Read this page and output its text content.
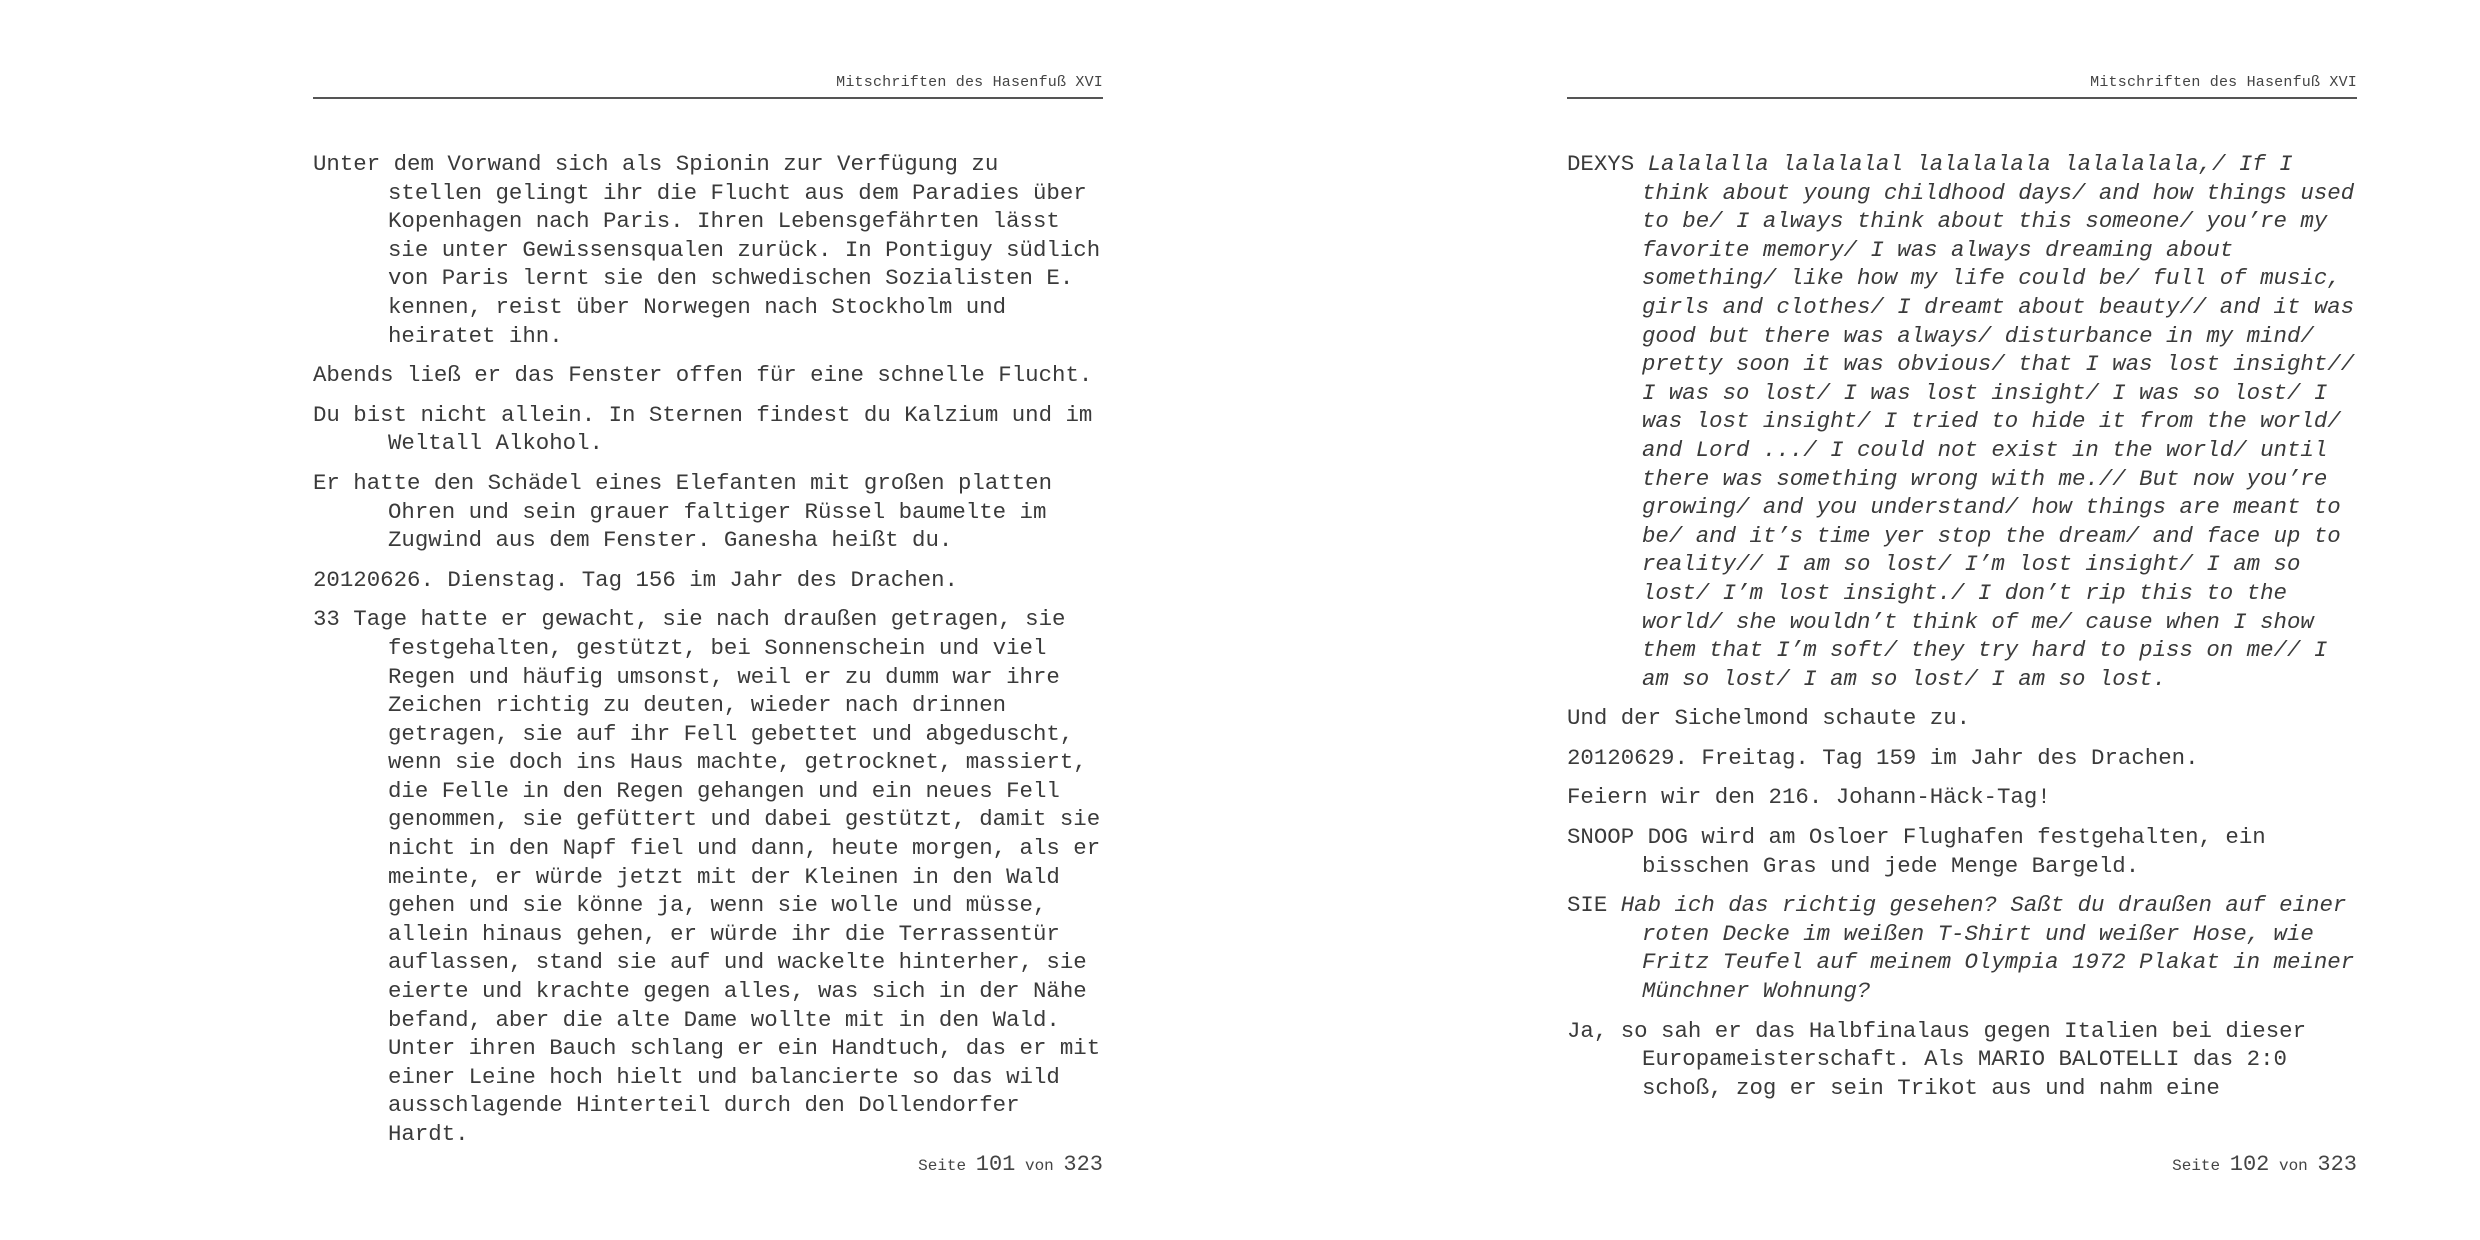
Mitschriften des Hasenfuß XVI

Unter dem Vorwand sich als Spionin zur Verfügung zu stellen gelingt ihr die Flucht aus dem Paradies über Kopenhagen nach Paris. Ihren Lebensgefährten lässt sie unter Gewissensqualen zurück. In Pontiguy südlich von Paris lernt sie den schwedischen Sozialisten E. kennen, reist über Norwegen nach Stockholm und heiratet ihn.

Abends ließ er das Fenster offen für eine schnelle Flucht.

Du bist nicht allein. In Sternen findest du Kalzium und im Weltall Alkohol.

Er hatte den Schädel eines Elefanten mit großen platten Ohren und sein grauer faltiger Rüssel baumelte im Zugwind aus dem Fenster. Ganesha heißt du.

20120626. Dienstag. Tag 156 im Jahr des Drachen.

33 Tage hatte er gewacht, sie nach draußen getragen, sie festgehalten, gestützt, bei Sonnenschein und viel Regen und häufig umsonst, weil er zu dumm war ihre Zeichen richtig zu deuten, wieder nach drinnen getragen, sie auf ihr Fell gebettet und abgeduscht, wenn sie doch ins Haus machte, getrocknet, massiert, die Felle in den Regen gehangen und ein neues Fell genommen, sie gefüttert und dabei gestützt, damit sie nicht in den Napf fiel und dann, heute morgen, als er meinte, er würde jetzt mit der Kleinen in den Wald gehen und sie könne ja, wenn sie wolle und müsse, allein hinaus gehen, er würde ihr die Terrassentür auflassen, stand sie auf und wackelte hinterher, sie eierte und krachte gegen alles, was sich in der Nähe befand, aber die alte Dame wollte mit in den Wald. Unter ihren Bauch schlang er ein Handtuch, das er mit einer Leine hoch hielt und balancierte so das wild ausschlagende Hinterteil durch den Dollendorfer Hardt.

Seite 101 von 323
Mitschriften des Hasenfuß XVI

DEXYS Lalalalla lalalalal lalalalala lalalalala,/ If I think about young childhood days/ and how things used to be/ I always think about this someone/ you’re my favorite memory/ I was always dreaming about something/ like how my life could be/ full of music, girls and clothes/ I dreamt about beauty// and it was good but there was always/ disturbance in my mind/ pretty soon it was obvious/ that I was lost insight// I was so lost/ I was lost insight/ I was so lost/ I was lost insight/ I tried to hide it from the world/ and Lord .../ I could not exist in the world/ until there was something wrong with me.// But now you’re growing/ and you understand/ how things are meant to be/ and it’s time yer stop the dream/ and face up to reality// I am so lost/ I’m lost insight/ I am so lost/ I’m lost insight./ I don’t rip this to the world/ she wouldn’t think of me/ cause when I show them that I’m soft/ they try hard to piss on me// I am so lost/ I am so lost/ I am so lost.

Und der Sichelmond schaute zu.

20120629. Freitag. Tag 159 im Jahr des Drachen.

Feiern wir den 216. Johann-Häck-Tag!

SNOOP DOG wird am Osloer Flughafen festgehalten, ein bisschen Gras und jede Menge Bargeld.

SIE Hab ich das richtig gesehen? Saßt du draußen auf einer roten Decke im weißen T-Shirt und weißer Hose, wie Fritz Teufel auf meinem Olympia 1972 Plakat in meiner Münchner Wohnung?

Ja, so sah er das Halbfinalaus gegen Italien bei dieser Europameisterschaft. Als MARIO BALOTELLI das 2:0 schoß, zog er sein Trikot aus und nahm eine

Seite 102 von 323
